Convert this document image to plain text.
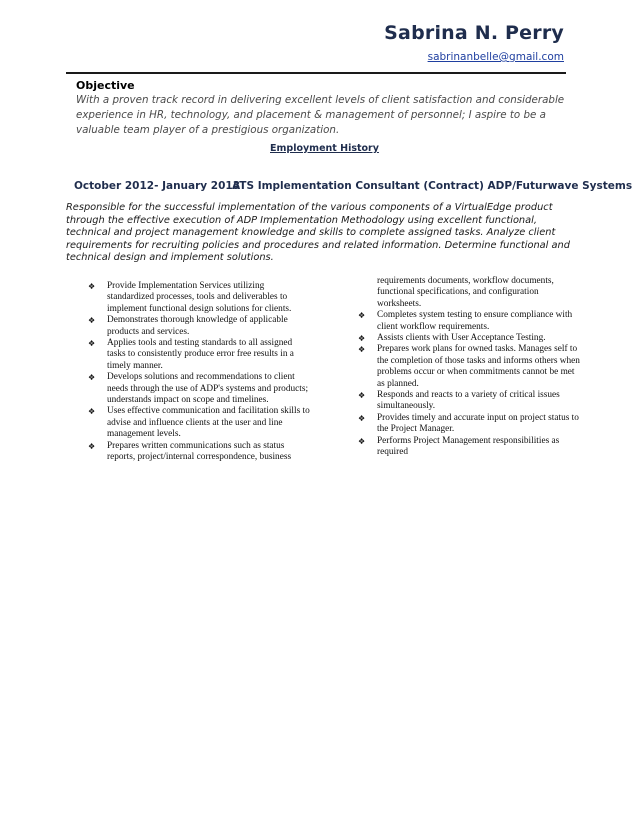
Sabrina N. Perry
sabrinanbelle@gmail.com
Objective
With a proven track record in delivering excellent levels of client satisfaction and considerable experience in HR, technology, and placement & management of personnel; I aspire to be a valuable team player of a prestigious organization.
Employment History
October 2012- January 2013
ATS Implementation Consultant (Contract) ADP/Futurwave Systems
Responsible for the successful implementation of the various components of a VirtualEdge product through the effective execution of ADP Implementation Methodology using excellent functional, technical and project management knowledge and skills to complete assigned tasks. Analyze client requirements for recruiting policies and procedures and related information. Determine functional and technical design and implement solutions.
❖	Provide Implementation Services utilizing standardized processes, tools and deliverables to implement functional design solutions for clients.
❖	Demonstrates thorough knowledge of applicable products and services.
❖	Applies tools and testing standards to all assigned tasks to consistently produce error free results in a timely manner.
❖	Develops solutions and recommendations to client needs through the use of ADP's systems and products; understands impact on scope and timelines.
❖	Uses effective communication and facilitation skills to advise and influence clients at the user and line management levels.
❖	Prepares written communications such as status reports, project/internal correspondence, business
requirements documents, workflow documents, functional specifications, and configuration worksheets.
❖	Completes system testing to ensure compliance with client workflow requirements.
❖	Assists clients with User Acceptance Testing.
❖	Prepares work plans for owned tasks. Manages self to the completion of those tasks and informs others when problems occur or when commitments cannot be met as planned.
❖	Responds and reacts to a variety of critical issues simultaneously.
❖	Provides timely and accurate input on project status to the Project Manager.
❖	Performs Project Management responsibilities as required
